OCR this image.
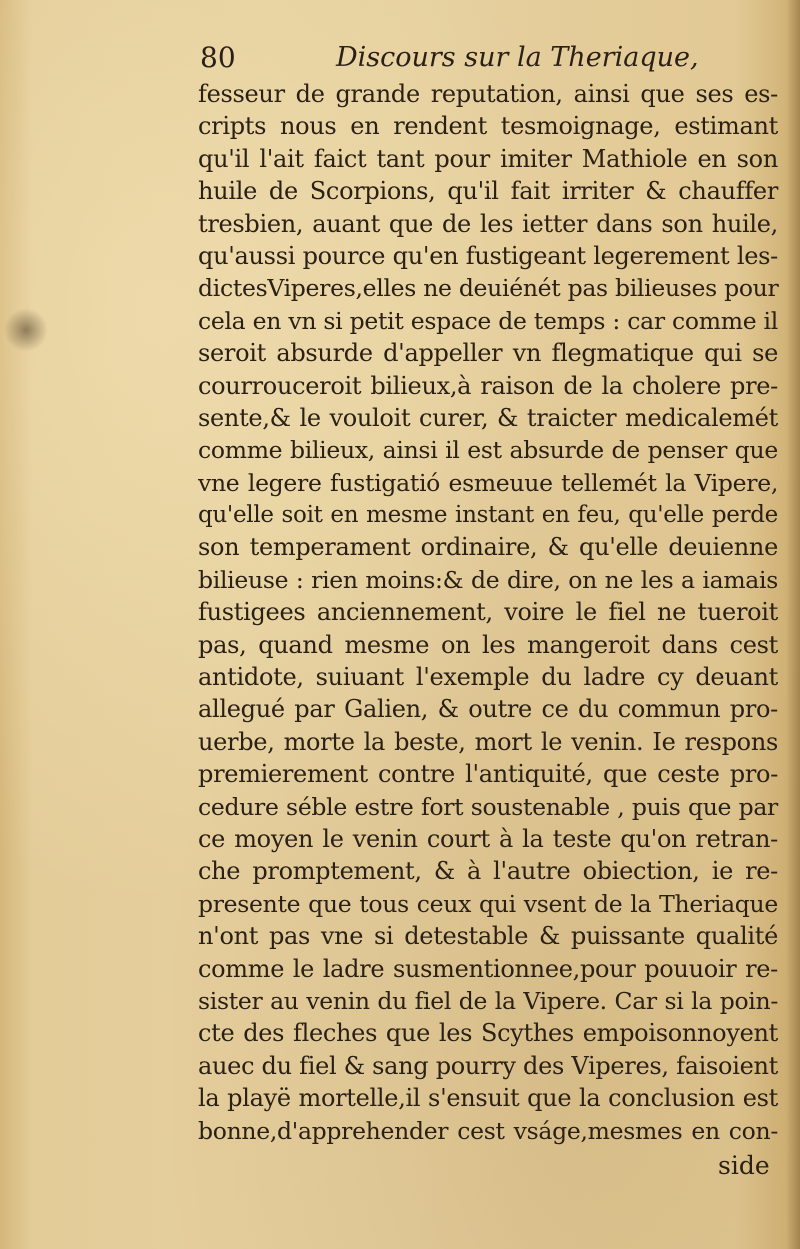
80	Discours sur la Theriaque,
fesseur de grande reputation, ainsi que ses es-
cripts nous en rendent tesmoignage, estimant
qu'il l'ait faict tant pour imiter Mathiole en son
huile de Scorpions, qu'il fait irriter & chauffer
tresbien, auant que de les ietter dans son huile,
qu'aussi pource qu'en fustigeant legerement les-
dictesViperes,elles ne deuiénét pas bilieuses pour
cela en vn si petit espace de temps : car comme il
seroit absurde d'appeller vn flegmatique qui se
courrouceroit bilieux,à raison de la cholere pre-
sente,& le vouloit curer, & traicter medicalemét
comme bilieux, ainsi il est absurde de penser que
vne legere fustigatió esmeuue tellemét la Vipere,
qu'elle soit en mesme instant en feu, qu'elle perde
son temperament ordinaire, & qu'elle deuienne
bilieuse : rien moins:& de dire, on ne les a iamais
fustigees anciennement, voire le fiel ne tueroit
pas, quand mesme on les mangeroit dans cest
antidote, suiuant l'exemple du ladre cy deuant
allegué par Galien, & outre ce du commun pro-
uerbe, morte la beste, mort le venin. Ie respons
premierement contre l'antiquité, que ceste pro-
cedure séble estre fort soustenable , puis que par
ce moyen le venin court à la teste qu'on retran-
che promptement, & à l'autre obiection, ie re-
presente que tous ceux qui vsent de la Theriaque
n'ont pas vne si detestable & puissante qualité
comme le ladre susmentionnee,pour pouuoir re-
sister au venin du fiel de la Vipere. Car si la poin-
cte des fleches que les Scythes empoisonnoyent
auec du fiel & sang pourry des Viperes, faisoient
la playë mortelle,il s'ensuit que la conclusion est
bonne,d'apprehender cest vságe,mesmes en con-
side
